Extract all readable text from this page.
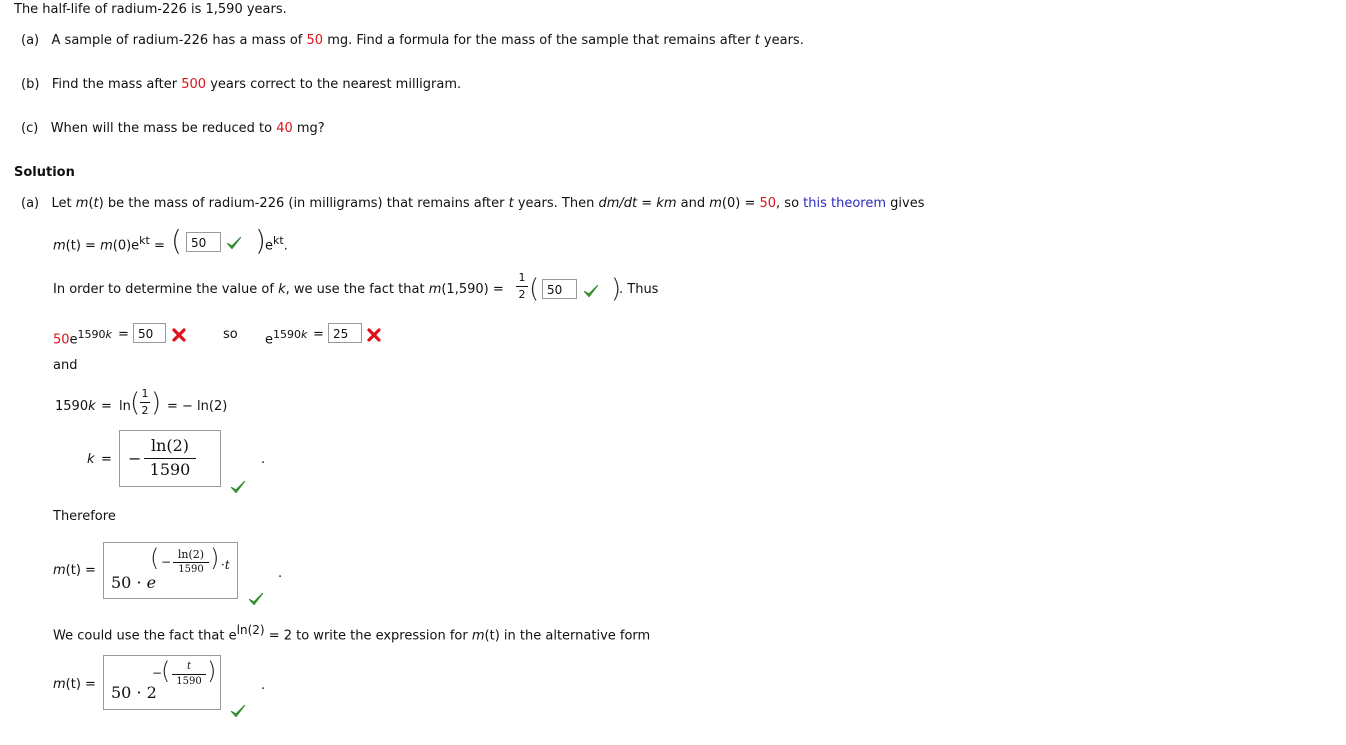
The half-life of radium-226 is 1,590 years.
(a) A sample of radium-226 has a mass of 50 mg. Find a formula for the mass of the sample that remains after t years.
(b) Find the mass after 500 years correct to the nearest milligram.
(c) When will the mass be reduced to 40 mg?
Solution
(a) Let m(t) be the mass of radium-226 (in milligrams) that remains after t years. Then dm/dt = km and m(0) = 50, so this theorem gives
$m(t) = m(0)e^{kt}$ = ( 50	) $e^{kt}$.
In order to determine the value of k, we use the fact that m(1,590) =
1
2 ( 50	)
. Thus
$50e^{1590k} = 50$	so $e^{1590k} = 25$
and
1590k = ln ( 1
2 ) = − ln(2)
k = −
ln(2)
1590
.
Therefore
m(t) =
50 · e
( −
ln(2)
1590 ) ·t
.
We could use the fact that $e^{ln(2)} = 2$ to write the expression for m(t) in the alternative form
m(t) = 50 · 2
−
(	t
1590 )
.
